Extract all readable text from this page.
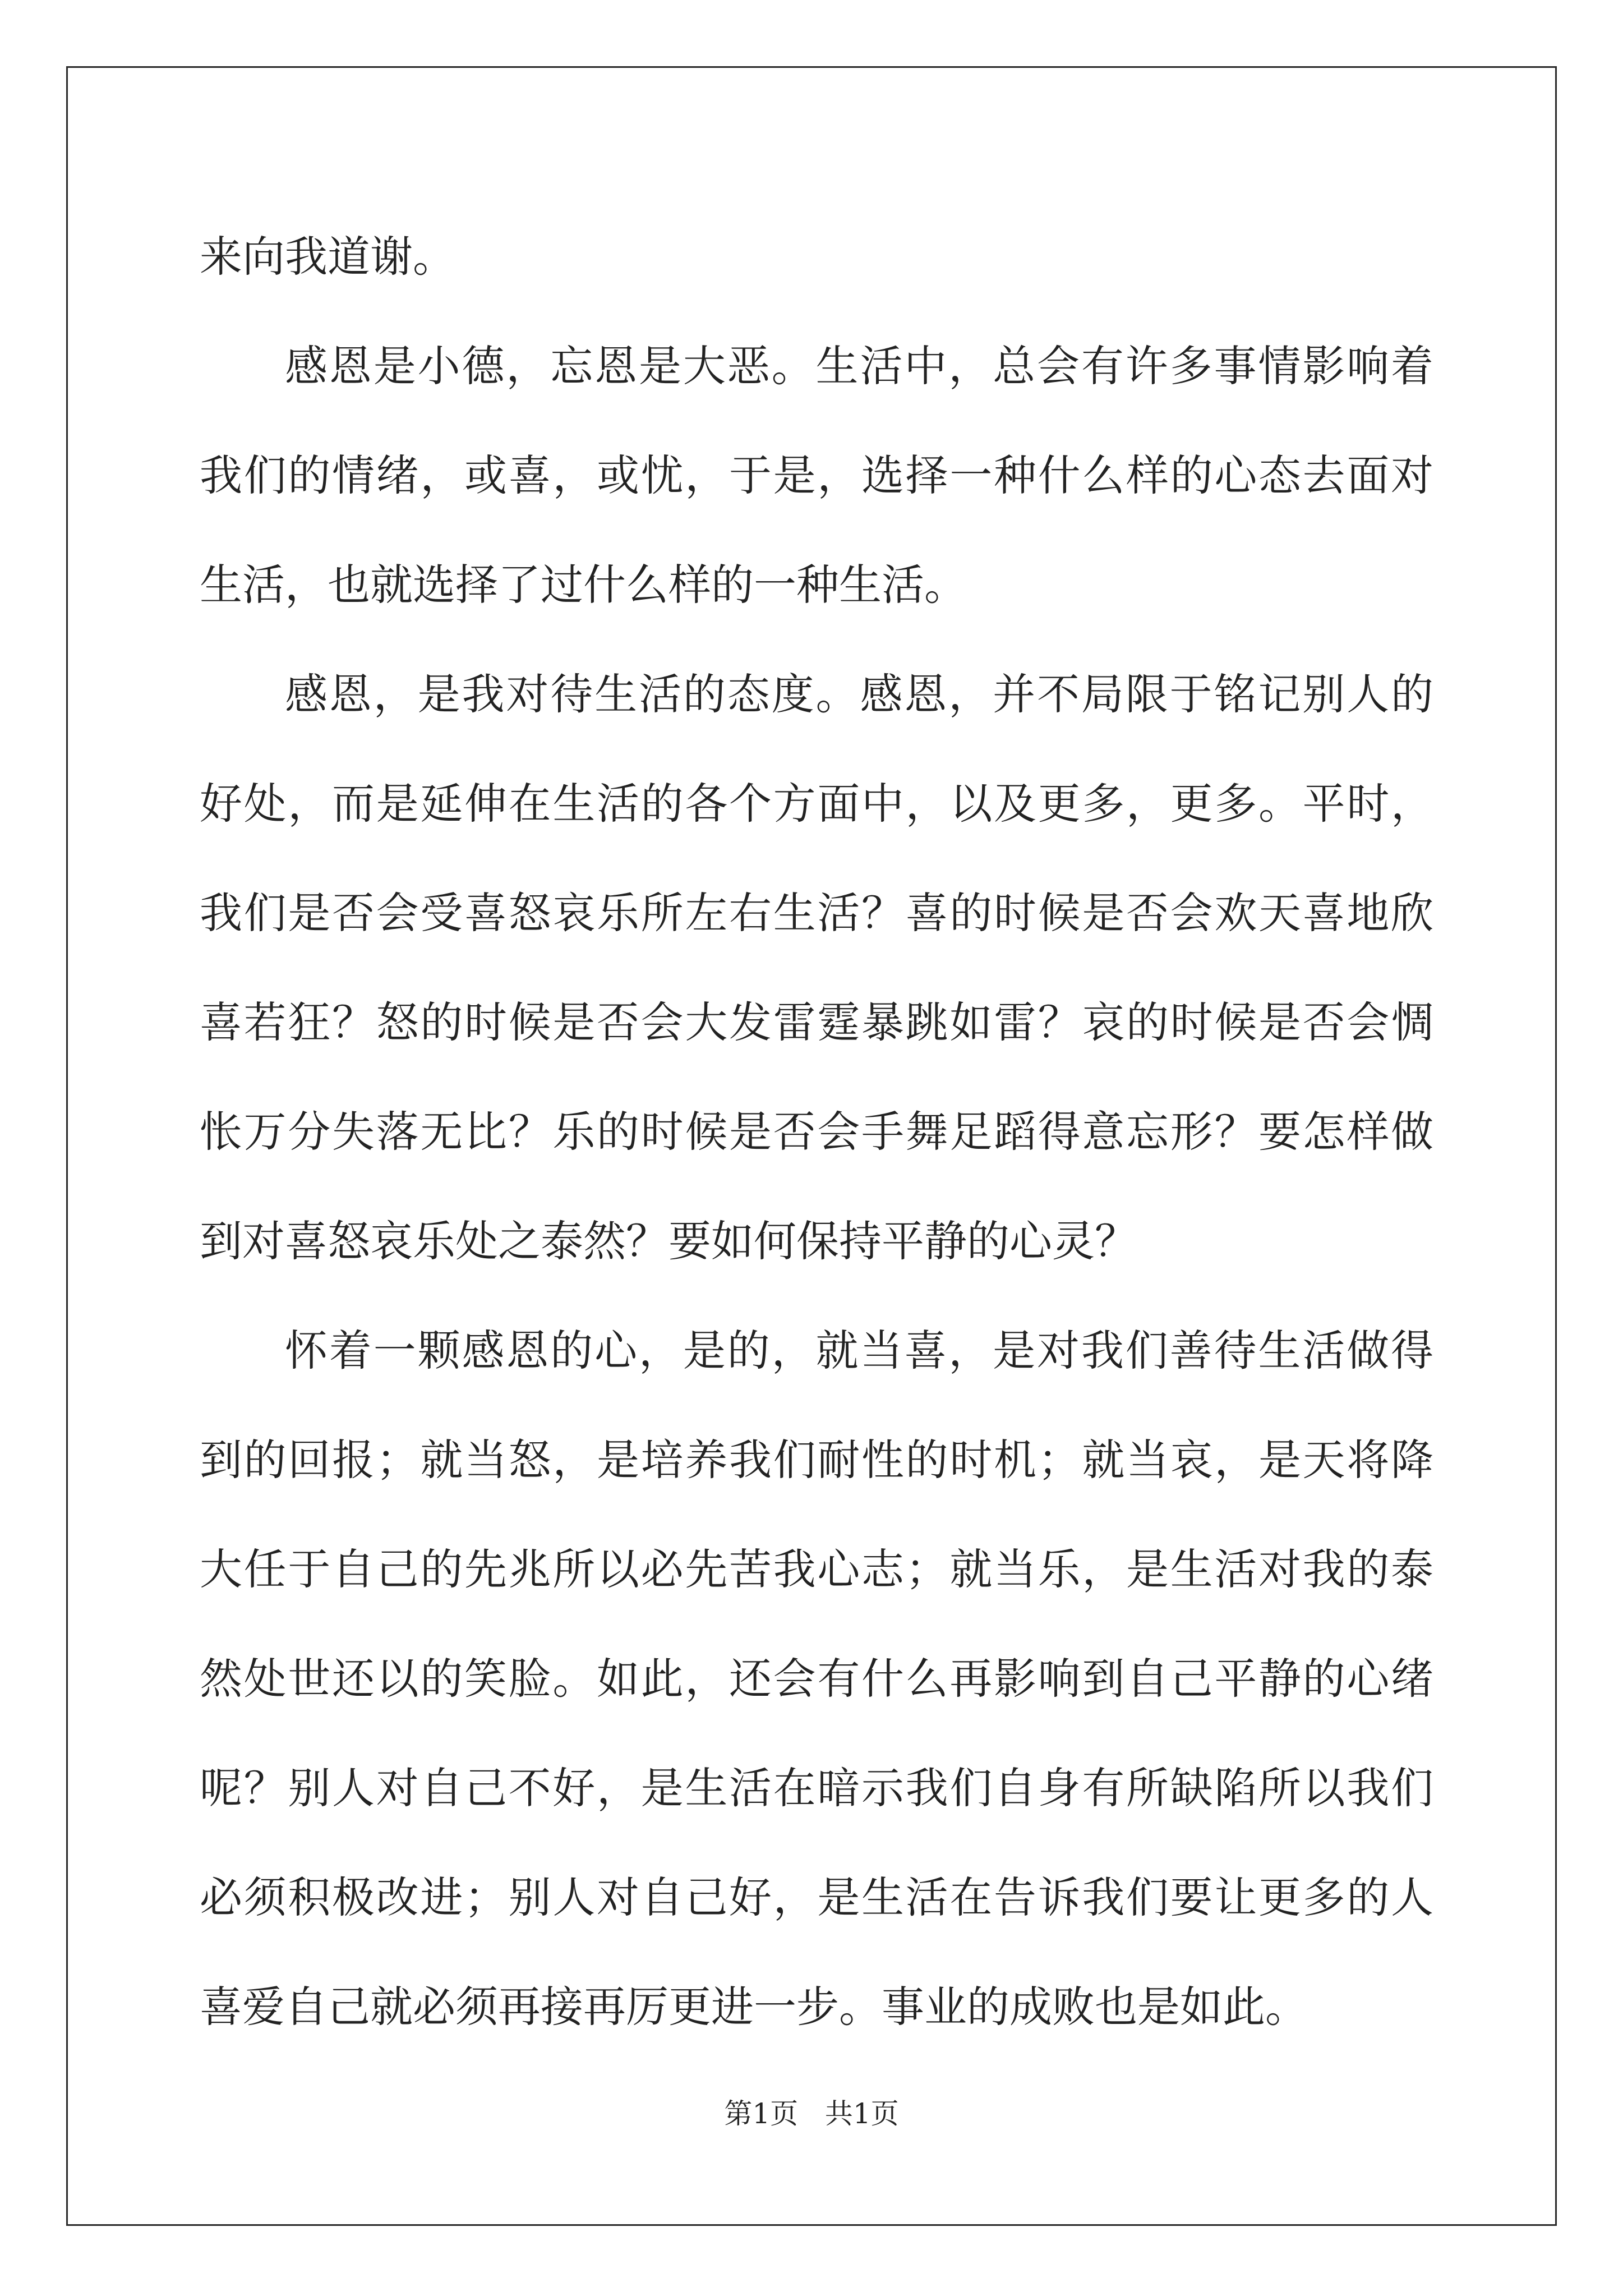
来向我道谢。

感恩是小德，忘恩是大恶。生活中，总会有许多事情影响着我们的情绪，或喜，或忧，于是，选择一种什么样的心态去面对生活，也就选择了过什么样的一种生活。

感恩，是我对待生活的态度。感恩，并不局限于铭记别人的好处，而是延伸在生活的各个方面中，以及更多，更多。平时，我们是否会受喜怒哀乐所左右生活？喜的时候是否会欢天喜地欣喜若狂？怒的时候是否会大发雷霆暴跳如雷？哀的时候是否会惆怅万分失落无比？乐的时候是否会手舞足蹈得意忘形？要怎样做到对喜怒哀乐处之泰然？要如何保持平静的心灵？

怀着一颗感恩的心，是的，就当喜，是对我们善待生活做得到的回报；就当怒，是培养我们耐性的时机；就当哀，是天将降大任于自己的先兆所以必先苦我心志；就当乐，是生活对我的泰然处世还以的笑脸。如此，还会有什么再影响到自己平静的心绪呢？别人对自己不好，是生活在暗示我们自身有所缺陷所以我们必须积极改进；别人对自己好，是生活在告诉我们要让更多的人喜爱自己就必须再接再厉更进一步。事业的成败也是如此。

第1页   共1页
